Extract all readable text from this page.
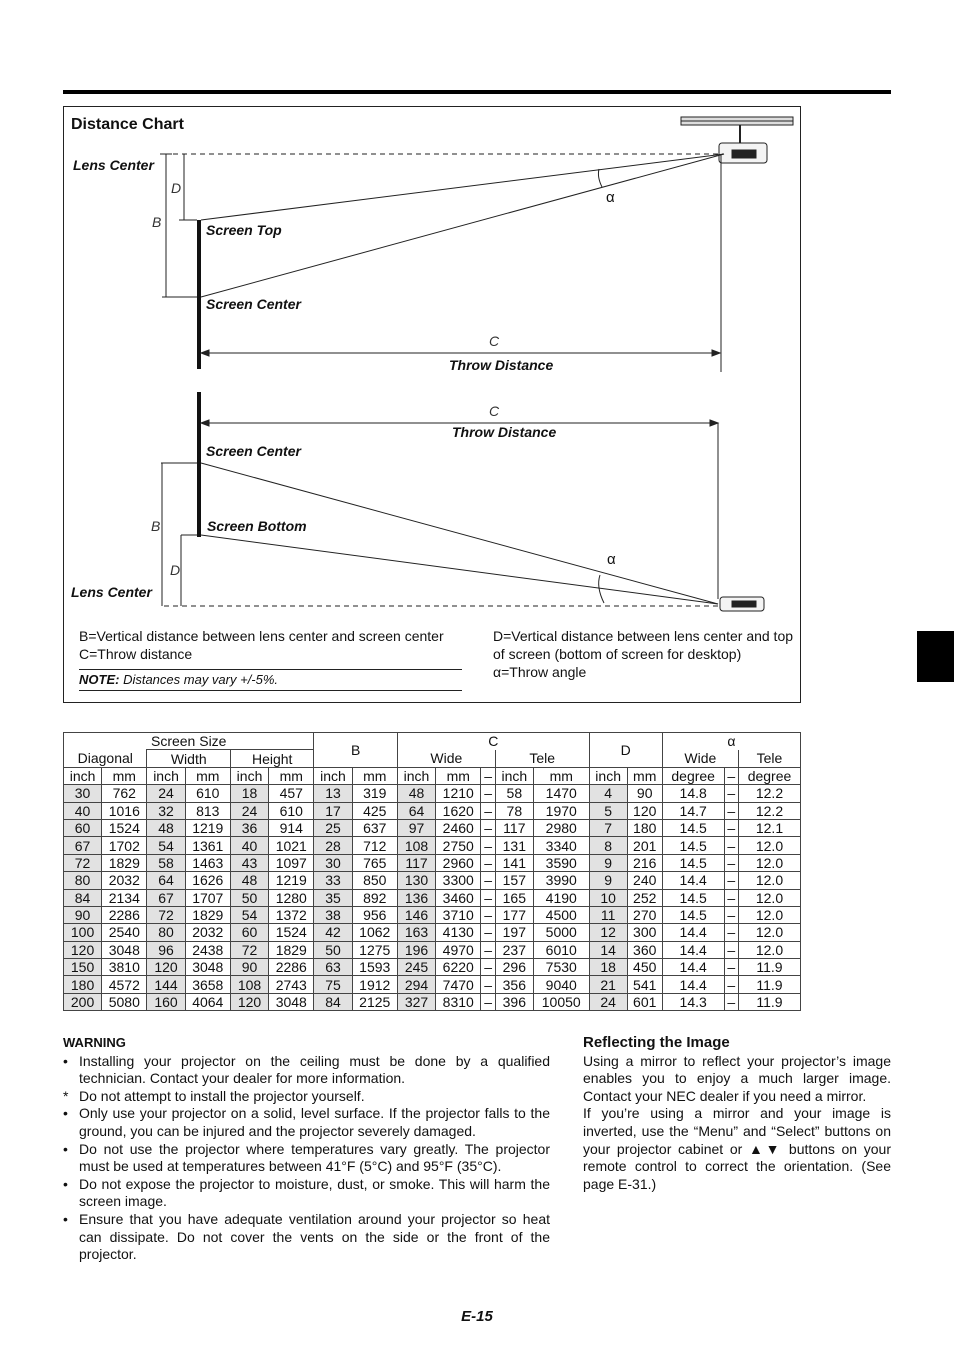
Distance Chart
Lens Center
D
B	Screen Top
α
Screen Center
C
Throw Distance
C
Throw Distance
Screen Center
B	Screen Bottom
α
D
Lens Center
B=Vertical distance between lens center and screen center
C=Throw distance
NOTE: Distances may vary +/-5%.
D=Vertical distance between lens center and top of screen (bottom of screen for desktop)
α=Throw angle
Screen Size						B		C					D		α		
Diagonal		Width		Height				Wide			Tele				Wide		Tele
inch	mm	inch	mm	inch	mm	inch	mm	inch	mm	–	inch	mm	inch	mm	degree	–	degree
30	762	24	610	18	457	13	319	48	1210	–	58	1470	4	90	14.8	–	12.2
40	1016	32	813	24	610	17	425	64	1620	–	78	1970	5	120	14.7	–	12.2
60	1524	48	1219	36	914	25	637	97	2460	–	117	2980	7	180	14.5	–	12.1
67	1702	54	1361	40	1021	28	712	108	2750	–	131	3340	8	201	14.5	–	12.0
72	1829	58	1463	43	1097	30	765	117	2960	–	141	3590	9	216	14.5	–	12.0
80	2032	64	1626	48	1219	33	850	130	3300	–	157	3990	9	240	14.4	–	12.0
84	2134	67	1707	50	1280	35	892	136	3460	–	165	4190	10	252	14.5	–	12.0
90	2286	72	1829	54	1372	38	956	146	3710	–	177	4500	11	270	14.5	–	12.0
100	2540	80	2032	60	1524	42	1062	163	4130	–	197	5000	12	300	14.4	–	12.0
120	3048	96	2438	72	1829	50	1275	196	4970	–	237	6010	14	360	14.4	–	12.0
150	3810	120	3048	90	2286	63	1593	245	6220	–	296	7530	18	450	14.4	–	11.9
180	4572	144	3658	108	2743	75	1912	294	7470	–	356	9040	21	541	14.4	–	11.9
200	5080	160	4064	120	3048	84	2125	327	8310	–	396	10050	24	601	14.3	–	11.9
WARNING
• Installing your projector on the ceiling must be done by a qualified technician. Contact your dealer for more information.
* Do not attempt to install the projector yourself.
• Only use your projector on a solid, level surface. If the projector falls to the ground, you can be injured and the projector severely damaged.
• Do not use the projector where temperatures vary greatly. The projector must be used at temperatures between 41°F (5°C) and 95°F (35°C).
• Do not expose the projector to moisture, dust, or smoke. This will harm the screen image.
• Ensure that you have adequate ventilation around your projector so heat can dissipate. Do not cover the vents on the side or the front of the projector.
Reflecting the Image

Using a mirror to reflect your projector’s image enables you to enjoy a much larger image. Contact your NEC dealer if you need a mirror.

If you’re using a mirror and your image is inverted, use the “Menu” and “Select” buttons on your projector cabinet or ▲▼ buttons on your remote control to correct the orientation. (See page E-31.)

E-15
